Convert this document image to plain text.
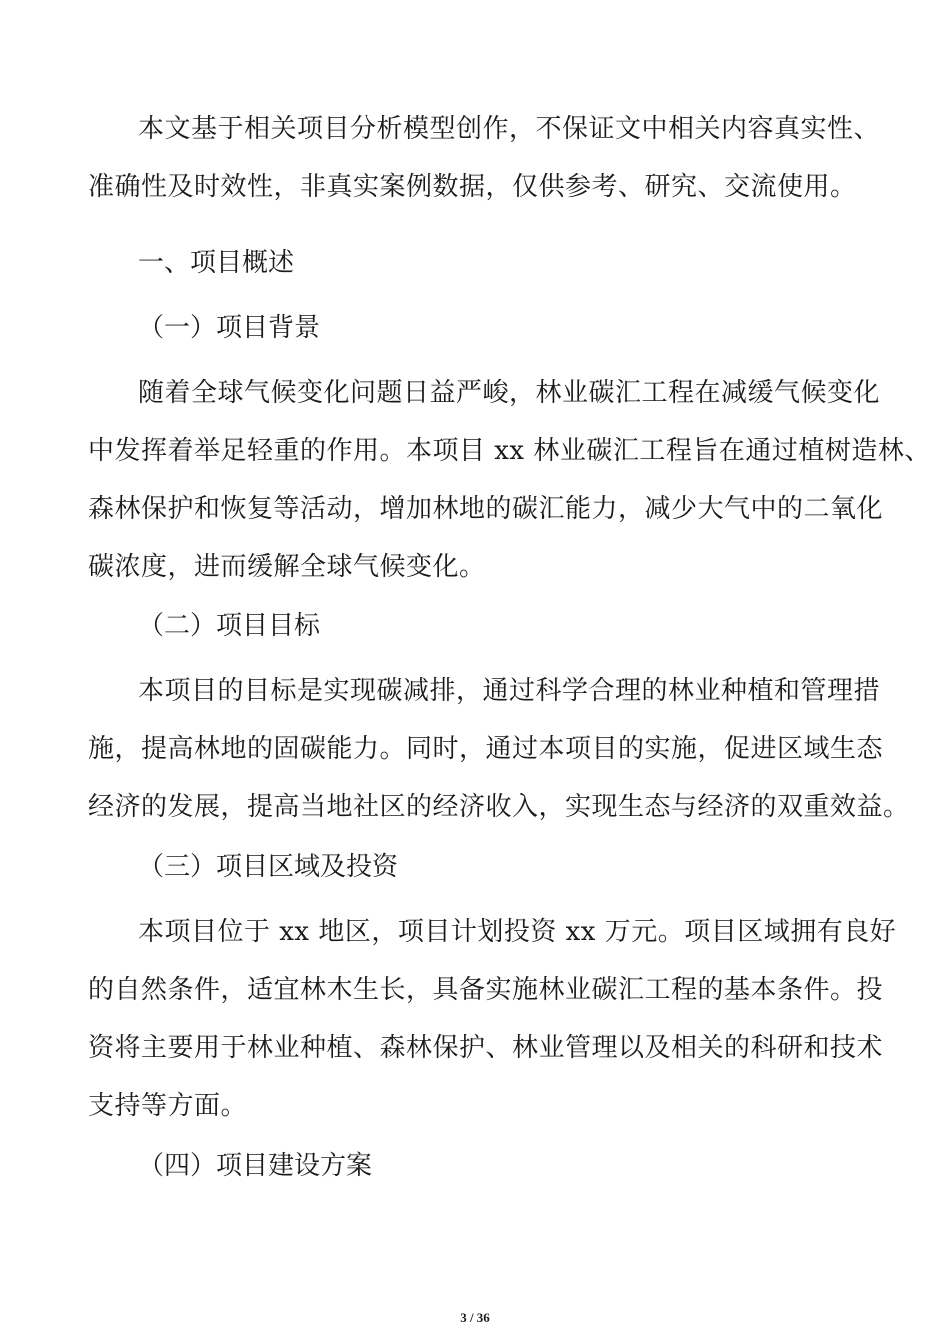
本文基于相关项目分析模型创作，不保证文中相关内容真实性、
准确性及时效性，非真实案例数据，仅供参考、研究、交流使用。
一、项目概述
（一）项目背景
随着全球气候变化问题日益严峻，林业碳汇工程在减缓气候变化
中发挥着举足轻重的作用。本项目 xx 林业碳汇工程旨在通过植树造林、
森林保护和恢复等活动，增加林地的碳汇能力，减少大气中的二氧化
碳浓度，进而缓解全球气候变化。
（二）项目目标
本项目的目标是实现碳减排，通过科学合理的林业种植和管理措
施，提高林地的固碳能力。同时，通过本项目的实施，促进区域生态
经济的发展，提高当地社区的经济收入，实现生态与经济的双重效益。
（三）项目区域及投资
本项目位于 xx 地区，项目计划投资 xx 万元。项目区域拥有良好
的自然条件，适宜林木生长，具备实施林业碳汇工程的基本条件。投
资将主要用于林业种植、森林保护、林业管理以及相关的科研和技术
支持等方面。
（四）项目建设方案
3 / 36
